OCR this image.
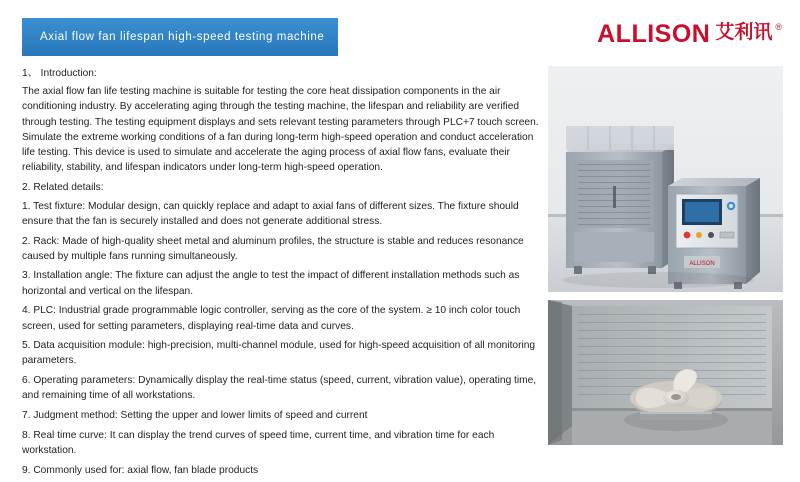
Axial flow fan lifespan high-speed testing machine	ALLISON 艾利讯 ®

1、 Introduction:

The axial flow fan life testing machine is suitable for testing the core heat dissipation components in the air conditioning industry. By accelerating aging through the testing machine, the lifespan and reliability are verified through testing. The testing equipment displays and sets relevant testing parameters through PLC+7 touch screen. Simulate the extreme working conditions of a fan during long-term high-speed operation and conduct acceleration life testing. This device is used to simulate and accelerate the aging process of axial flow fans, evaluate their reliability, stability, and lifespan indicators under long-term high-speed operation.

2. Related details:

1. Test fixture: Modular design, can quickly replace and adapt to axial fans of different sizes. The fixture should ensure that the fan is securely installed and does not generate additional stress.

2. Rack: Made of high-quality sheet metal and aluminum profiles, the structure is stable and reduces resonance caused by multiple fans running simultaneously.

3. Installation angle: The fixture can adjust the angle to test the impact of different installation methods such as horizontal and vertical on the lifespan.

4. PLC: Industrial grade programmable logic controller, serving as the core of the system. ≥ 10 inch color touch screen, used for setting parameters, displaying real-time data and curves.

5. Data acquisition module: high-precision, multi-channel module, used for high-speed acquisition of all monitoring parameters.

6. Operating parameters: Dynamically display the real-time status (speed, current, vibration value), operating time, and remaining time of all workstations.

7. Judgment method: Setting the upper and lower limits of speed and current

8. Real time curve: It can display the trend curves of speed time, current time, and vibration time for each workstation.

9. Commonly used for: axial flow, fan blade products

ALLISON
